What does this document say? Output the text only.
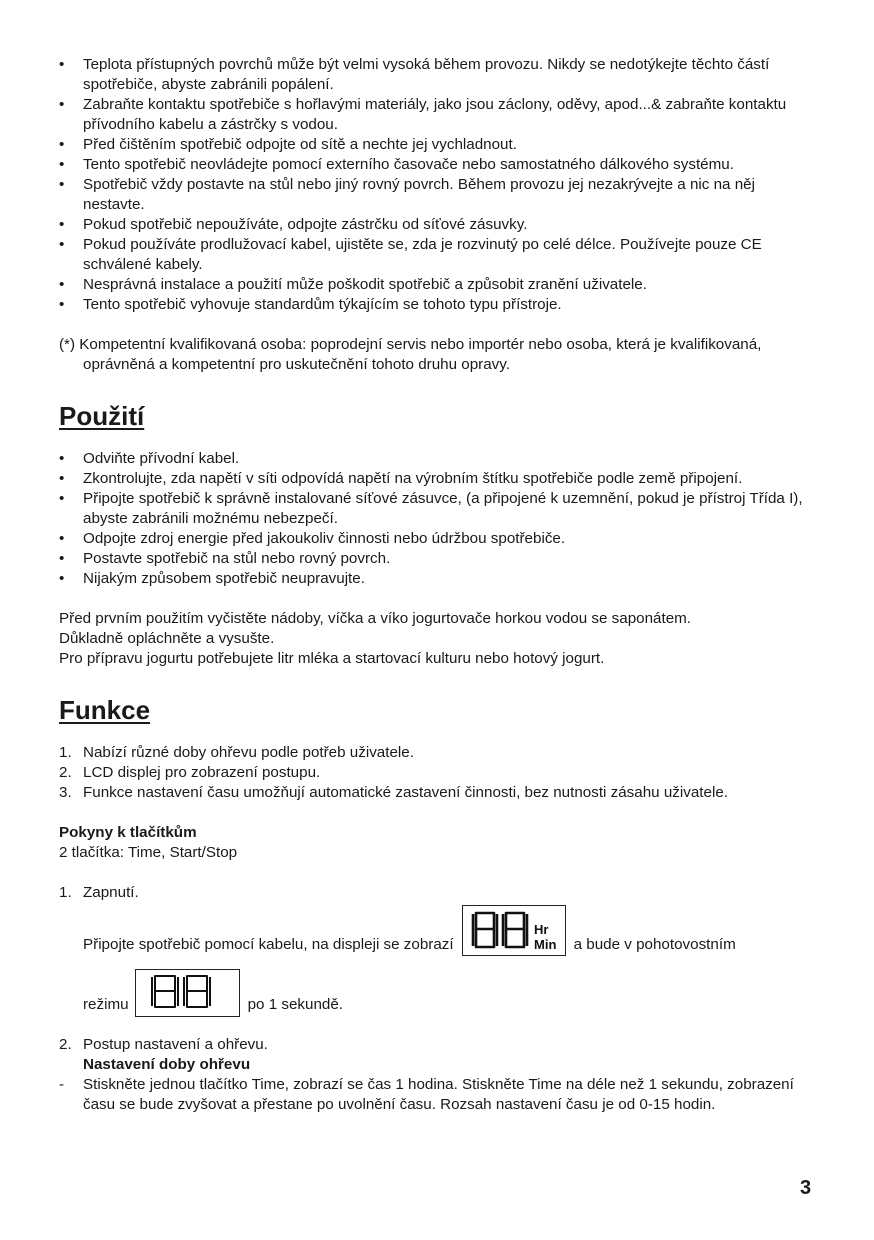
• Teplota přístupných povrchů může být velmi vysoká během provozu. Nikdy se nedotýkejte těchto částí spotřebiče, abyste zabránili popálení.
• Zabraňte kontaktu spotřebiče s hořlavými materiály, jako jsou záclony, oděvy, apod...& zabraňte kontaktu přívodního kabelu a zástrčky s vodou.
• Před čištěním spotřebič odpojte od sítě a nechte jej vychladnout.
• Tento spotřebič neovládejte pomocí externího časovače nebo samostatného dálkového systému.
• Spotřebič vždy postavte na stůl nebo jiný rovný povrch. Během provozu jej nezakrývejte a nic na něj nestavte.
• Pokud spotřebič nepoužíváte, odpojte zástrčku od síťové zásuvky.
• Pokud používáte prodlužovací kabel, ujistěte se, zda je rozvinutý po celé délce. Používejte pouze CE schválené kabely.
• Nesprávná instalace a použití může poškodit spotřebič a způsobit zranění uživatele.
• Tento spotřebič vyhovuje standardům týkajícím se tohoto typu přístroje.

(*) Kompetentní kvalifikovaná osoba: poprodejní servis nebo importér nebo osoba, která je kvalifikovaná, oprávněná a kompetentní pro uskutečnění tohoto druhu opravy.

Použití
• Odviňte přívodní kabel.
• Zkontrolujte, zda napětí v síti odpovídá napětí na výrobním štítku spotřebiče podle země připojení.
• Připojte spotřebič k správně instalované síťové zásuvce, (a připojené k uzemnění, pokud je přístroj Třída I), abyste zabránili možnému nebezpečí.
• Odpojte zdroj energie před jakoukoliv činnosti nebo údržbou spotřebiče.
• Postavte spotřebič na stůl nebo rovný povrch.
• Nijakým způsobem spotřebič neupravujte.

Před prvním použitím vyčistěte nádoby, víčka a víko jogurtovače horkou vodou se saponátem.

Důkladně opláchněte a vysušte.

Pro přípravu jogurtu potřebujete litr mléka a startovací kulturu nebo hotový jogurt.

Funkce
1. Nabízí různé doby ohřevu podle potřeb uživatele.
2. LCD displej pro zobrazení postupu.
3. Funkce nastavení času umožňují automatické zastavení činnosti, bez nutnosti zásahu uživatele.

Pokyny k tlačítkům

2 tlačítka: Time, Start/Stop

1. Zapnutí.
Připojte spotřebič pomocí kabelu, na displeji se zobrazí
Hr
Min
88
a bude v pohotovostním
režimu
00
po 1 sekundě.
2. Postup nastavení a ohřevu.

Nastavení doby ohřevu

- Stiskněte jednou tlačítko Time, zobrazí se čas 1 hodina. Stiskněte Time na déle než 1 sekundu, zobrazení času se bude zvyšovat a přestane po uvolnění času. Rozsah nastavení času je od 0-15 hodin.
3
